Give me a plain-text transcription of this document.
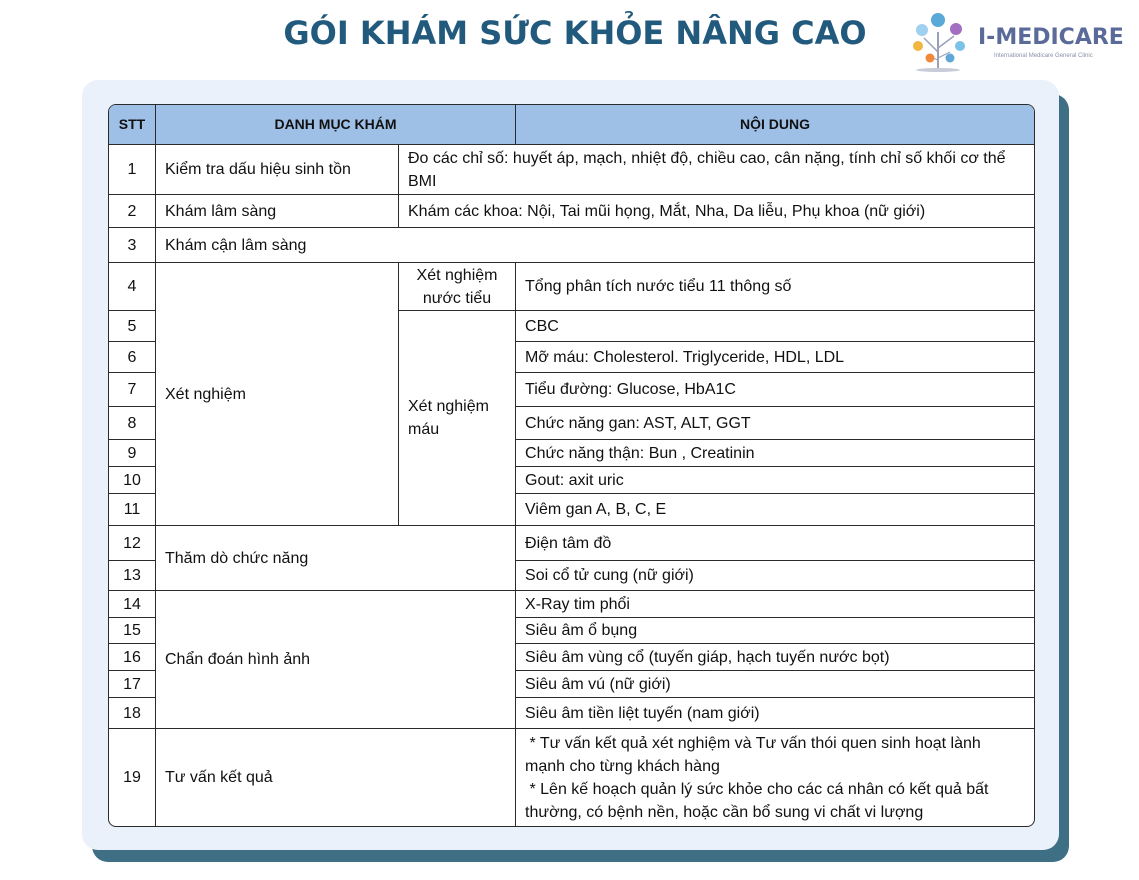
GÓI KHÁM SỨC KHỎE NÂNG CAO	I-MEDICARE
International Medicare General Clinic
STT	DANH MỤC KHÁM		NỘI DUNG
1	Kiểm tra dấu hiệu sinh tồn	Đo các chỉ số: huyết áp, mạch, nhiệt độ, chiều cao, cân nặng, tính chỉ số khối cơ thể BMI	
2	Khám lâm sàng	Khám các khoa: Nội, Tai mũi họng, Mắt, Nha, Da liễu, Phụ khoa (nữ giới)	
3	Khám cận lâm sàng		
4	Xét nghiệm	Xét nghiệm nước tiểu	Tổng phân tích nước tiểu 11 thông số
5		Xét nghiệm máu	CBC
6			Mỡ máu: Cholesterol. Triglyceride, HDL, LDL
7			Tiểu đường: Glucose, HbA1C
8			Chức năng gan: AST, ALT, GGT
9			Chức năng thận: Bun , Creatinin
10			Gout: axit uric
11			Viêm gan A, B, C, E
12	Thăm dò chức năng		Điện tâm đồ
13			Soi cổ tử cung (nữ giới)
14	Chẩn đoán hình ảnh		X-Ray tim phổi
15			Siêu âm ổ bụng
16			Siêu âm vùng cổ (tuyến giáp, hạch tuyến nước bọt)
17			Siêu âm vú (nữ giới)
18			Siêu âm tiền liệt tuyến (nam giới)
19	Tư vấn kết quả		* Tư vấn kết quả xét nghiệm và Tư vấn thói quen sinh hoạt lành mạnh cho từng khách hàng
* Lên kế hoạch quản lý sức khỏe cho các cá nhân có kết quả bất thường, có bệnh nền, hoặc cần bổ sung vi chất vi lượng
